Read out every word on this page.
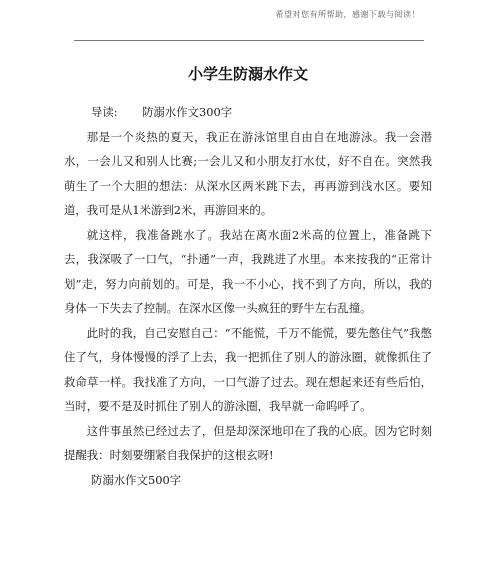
希望对您有所帮助，感谢下载与阅读！
小学生防溺水作文

导读: 防溺水作文300字

那是一个炎热的夏天，我正在游泳馆里自由自在地游泳。我一会潜水，一会儿又和别人比赛;一会儿又和小朋友打水仗，好不自在。突然我萌生了一个大胆的想法：从深水区两米跳下去，再再游到浅水区。要知道，我可是从1米游到2米，再游回来的。

就这样，我准备跳水了。我站在离水面2米高的位置上，准备跳下去，我深吸了一口气，“扑通”一声，我跳进了水里。本来按我的“正常计划”走，努力向前划的。可是，我一不小心，找不到了方向，所以，我的身体一下失去了控制。在深水区像一头疯狂的野牛左右乱撞。

此时的我，自己安慰自己：“不能慌，千万不能慌，要先憋住气”我憋住了气，身体慢慢的浮了上去，我一把抓住了别人的游泳圈，就像抓住了救命草一样。我找准了方向，一口气游了过去。现在想起来还有些后怕，当时，要不是及时抓住了别人的游泳圈，我早就一命呜呼了。

这件事虽然已经过去了，但是却深深地印在了我的心底。因为它时刻提醒我：时刻要绷紧自我保护的这根玄呀!

防溺水作文500字
